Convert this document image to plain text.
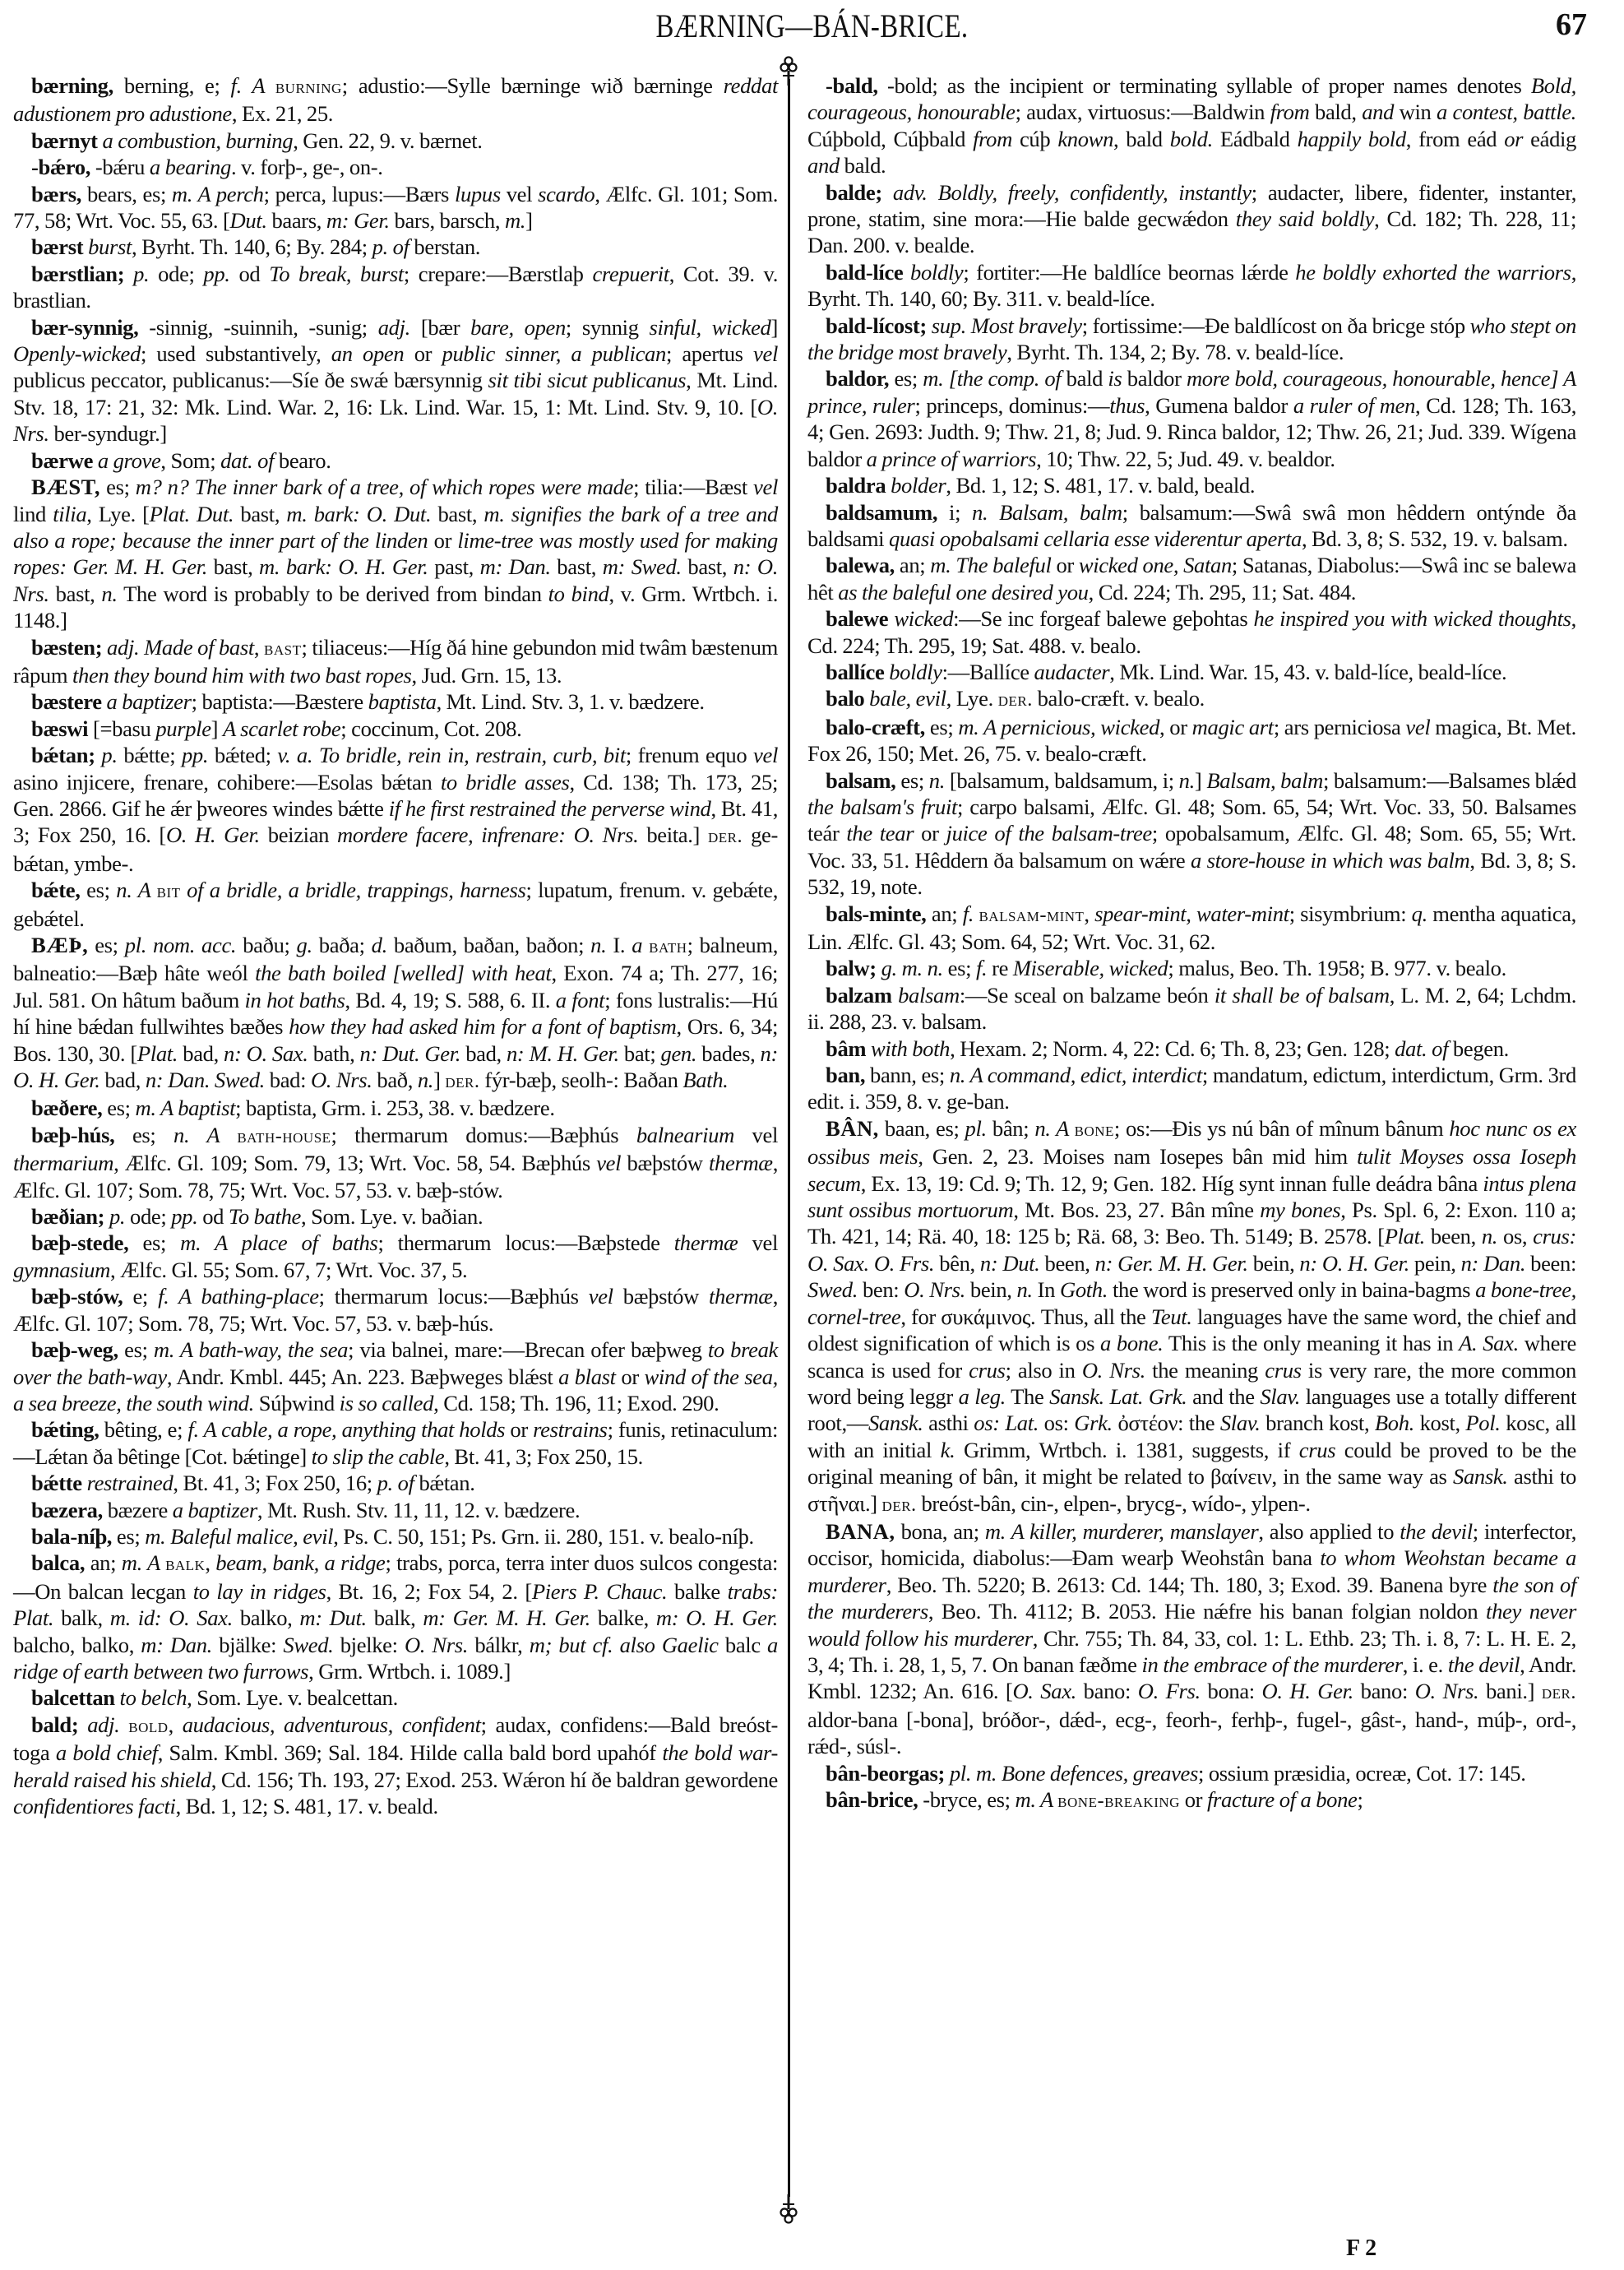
BÆRNING—BÁN-BRICE.	67

bærning, berning, e; f. A burning; adustio:—Sylle bærninge wið bærninge reddat adustionem pro adustione, Ex. 21, 25.

bærnyt a combustion, burning, Gen. 22, 9. v. bærnet.

-bǽro, -bǽru a bearing. v. forþ-, ge-, on-.

bærs, bears, es; m. A perch; perca, lupus:—Bærs lupus vel scardo, Ælfc. Gl. 101; Som. 77, 58; Wrt. Voc. 55, 63. [Dut. baars, m: Ger. bars, barsch, m.]

bærst burst, Byrht. Th. 140, 6; By. 284; p. of berstan.

bærstlian; p. ode; pp. od To break, burst; crepare:—Bærstlaþ crepuerit, Cot. 39. v. brastlian.

bær-synnig, -sinnig, -suinnih, -sunig; adj. [bær bare, open; synnig sinful, wicked] Openly-wicked; used substantively, an open or public sinner, a publican; apertus vel publicus peccator, publicanus:—Síe ðe swǽ bærsynnig sit tibi sicut publicanus, Mt. Lind. Stv. 18, 17: 21, 32: Mk. Lind. War. 2, 16: Lk. Lind. War. 15, 1: Mt. Lind. Stv. 9, 10. [O. Nrs. ber-syndugr.]

bærwe a grove, Som; dat. of bearo.

BÆST, es; m? n? The inner bark of a tree, of which ropes were made; tilia:—Bæst vel lind tilia, Lye. [Plat. Dut. bast, m. bark: O. Dut. bast, m. signifies the bark of a tree and also a rope; because the inner part of the linden or lime-tree was mostly used for making ropes: Ger. M. H. Ger. bast, m. bark: O. H. Ger. past, m: Dan. bast, m: Swed. bast, n: O. Nrs. bast, n. The word is probably to be derived from bindan to bind, v. Grm. Wrtbch. i. 1148.]

bæsten; adj. Made of bast, bast; tiliaceus:—Híg ðá hine gebundon mid twâm bæstenum râpum then they bound him with two bast ropes, Jud. Grn. 15, 13.

bæstere a baptizer; baptista:—Bæstere baptista, Mt. Lind. Stv. 3, 1. v. bædzere.

bæswi [=basu purple] A scarlet robe; coccinum, Cot. 208.

bǽtan; p. bǽtte; pp. bǽted; v. a. To bridle, rein in, restrain, curb, bit; frenum equo vel asino injicere, frenare, cohibere:—Esolas bǽtan to bridle asses, Cd. 138; Th. 173, 25; Gen. 2866. Gif he ǽr þweores windes bǽtte if he first restrained the perverse wind, Bt. 41, 3; Fox 250, 16. [O. H. Ger. beizian mordere facere, infrenare: O. Nrs. beita.] der. ge-bǽtan, ymbe-.

bǽte, es; n. A bit of a bridle, a bridle, trappings, harness; lupatum, frenum. v. gebǽte, gebǽtel.

BÆÞ, es; pl. nom. acc. baðu; g. baða; d. baðum, baðan, baðon; n. I. a bath; balneum, balneatio:—Bæþ hâte weól the bath boiled [welled] with heat, Exon. 74 a; Th. 277, 16; Jul. 581. On hâtum baðum in hot baths, Bd. 4, 19; S. 588, 6. II. a font; fons lustralis:—Hú hí hine bǽdan fullwihtes bæðes how they had asked him for a font of baptism, Ors. 6, 34; Bos. 130, 30. [Plat. bad, n: O. Sax. bath, n: Dut. Ger. bad, n: M. H. Ger. bat; gen. bades, n: O. H. Ger. bad, n: Dan. Swed. bad: O. Nrs. bað, n.] der. fýr-bæþ, seolh-: Baðan Bath.

bæðere, es; m. A baptist; baptista, Grm. i. 253, 38. v. bædzere.

bæþ-hús, es; n. A bath-house; thermarum domus:—Bæþhús balnearium vel thermarium, Ælfc. Gl. 109; Som. 79, 13; Wrt. Voc. 58, 54. Bæþhús vel bæþstów thermæ, Ælfc. Gl. 107; Som. 78, 75; Wrt. Voc. 57, 53. v. bæþ-stów.

bæðian; p. ode; pp. od To bathe, Som. Lye. v. baðian.

bæþ-stede, es; m. A place of baths; thermarum locus:—Bæþstede thermæ vel gymnasium, Ælfc. Gl. 55; Som. 67, 7; Wrt. Voc. 37, 5.

bæþ-stów, e; f. A bathing-place; thermarum locus:—Bæþhús vel bæþstów thermæ, Ælfc. Gl. 107; Som. 78, 75; Wrt. Voc. 57, 53. v. bæþ-hús.

bæþ-weg, es; m. A bath-way, the sea; via balnei, mare:—Brecan ofer bæþweg to break over the bath-way, Andr. Kmbl. 445; An. 223. Bæþweges blǽst a blast or wind of the sea, a sea breeze, the south wind. Súþwind is so called, Cd. 158; Th. 196, 11; Exod. 290.

bǽting, bêting, e; f. A cable, a rope, anything that holds or restrains; funis, retinaculum:—Lǽtan ða bêtinge [Cot. bǽtinge] to slip the cable, Bt. 41, 3; Fox 250, 15.

bǽtte restrained, Bt. 41, 3; Fox 250, 16; p. of bǽtan.

bæzera, bæzere a baptizer, Mt. Rush. Stv. 11, 11, 12. v. bædzere.

bala-níþ, es; m. Baleful malice, evil, Ps. C. 50, 151; Ps. Grn. ii. 280, 151. v. bealo-níþ.

balca, an; m. A balk, beam, bank, a ridge; trabs, porca, terra inter duos sulcos congesta:—On balcan lecgan to lay in ridges, Bt. 16, 2; Fox 54, 2. [Piers P. Chauc. balke trabs: Plat. balk, m. id: O. Sax. balko, m: Dut. balk, m: Ger. M. H. Ger. balke, m: O. H. Ger. balcho, balko, m: Dan. bjälke: Swed. bjelke: O. Nrs. bálkr, m; but cf. also Gaelic balc a ridge of earth between two furrows, Grm. Wrtbch. i. 1089.]

balcettan to belch, Som. Lye. v. bealcettan.

bald; adj. bold, audacious, adventurous, confident; audax, confidens:—Bald breóst-toga a bold chief, Salm. Kmbl. 369; Sal. 184. Hilde calla bald bord upahóf the bold war-herald raised his shield, Cd. 156; Th. 193, 27; Exod. 253. Wǽron hí ðe baldran gewordene confidentiores facti, Bd. 1, 12; S. 481, 17. v. beald.

-bald, -bold; as the incipient or terminating syllable of proper names denotes Bold, courageous, honourable; audax, virtuosus:—Baldwin from bald, and win a contest, battle. Cúþbold, Cúþbald from cúþ known, bald bold. Eádbald happily bold, from eád or eádig and bald.

balde; adv. Boldly, freely, confidently, instantly; audacter, libere, fidenter, instanter, prone, statim, sine mora:—Hie balde gecwǽdon they said boldly, Cd. 182; Th. 228, 11; Dan. 200. v. bealde.

bald-líce boldly; fortiter:—He baldlíce beornas lǽrde he boldly exhorted the warriors, Byrht. Th. 140, 60; By. 311. v. beald-líce.

bald-lícost; sup. Most bravely; fortissime:—Ðe baldlícost on ða bricge stóp who stept on the bridge most bravely, Byrht. Th. 134, 2; By. 78. v. beald-líce.

baldor, es; m. [the comp. of bald is baldor more bold, courageous, honourable, hence] A prince, ruler; princeps, dominus:—thus, Gumena baldor a ruler of men, Cd. 128; Th. 163, 4; Gen. 2693: Judth. 9; Thw. 21, 8; Jud. 9. Rinca baldor, 12; Thw. 26, 21; Jud. 339. Wígena baldor a prince of warriors, 10; Thw. 22, 5; Jud. 49. v. bealdor.

baldra bolder, Bd. 1, 12; S. 481, 17. v. bald, beald.

baldsamum, i; n. Balsam, balm; balsamum:—Swâ swâ mon hêddern ontýnde ða baldsami quasi opobalsami cellaria esse viderentur aperta, Bd. 3, 8; S. 532, 19. v. balsam.

balewa, an; m. The baleful or wicked one, Satan; Satanas, Diabolus:—Swâ inc se balewa hêt as the baleful one desired you, Cd. 224; Th. 295, 11; Sat. 484.

balewe wicked:—Se inc forgeaf balewe geþohtas he inspired you with wicked thoughts, Cd. 224; Th. 295, 19; Sat. 488. v. bealo.

ballíce boldly:—Ballíce audacter, Mk. Lind. War. 15, 43. v. bald-líce, beald-líce.

balo bale, evil, Lye. der. balo-cræft. v. bealo.

balo-cræft, es; m. A pernicious, wicked, or magic art; ars perniciosa vel magica, Bt. Met. Fox 26, 150; Met. 26, 75. v. bealo-cræft.

balsam, es; n. [balsamum, baldsamum, i; n.] Balsam, balm; balsamum:—Balsames blǽd the balsam's fruit; carpo balsami, Ælfc. Gl. 48; Som. 65, 54; Wrt. Voc. 33, 50. Balsames teár the tear or juice of the balsam-tree; opobalsamum, Ælfc. Gl. 48; Som. 65, 55; Wrt. Voc. 33, 51. Hêddern ða balsamum on wǽre a store-house in which was balm, Bd. 3, 8; S. 532, 19, note.

bals-minte, an; f. balsam-mint, spear-mint, water-mint; sisymbrium: q. mentha aquatica, Lin. Ælfc. Gl. 43; Som. 64, 52; Wrt. Voc. 31, 62.

balw; g. m. n. es; f. re Miserable, wicked; malus, Beo. Th. 1958; B. 977. v. bealo.

balzam balsam:—Se sceal on balzame beón it shall be of balsam, L. M. 2, 64; Lchdm. ii. 288, 23. v. balsam.

bâm with both, Hexam. 2; Norm. 4, 22: Cd. 6; Th. 8, 23; Gen. 128; dat. of begen.

ban, bann, es; n. A command, edict, interdict; mandatum, edictum, interdictum, Grm. 3rd edit. i. 359, 8. v. ge-ban.

BÂN, baan, es; pl. bân; n. A bone; os:—Ðis ys nú bân of mînum bânum hoc nunc os ex ossibus meis, Gen. 2, 23. Moises nam Iosepes bân mid him tulit Moyses ossa Ioseph secum, Ex. 13, 19: Cd. 9; Th. 12, 9; Gen. 182. Híg synt innan fulle deádra bâna intus plena sunt ossibus mortuorum, Mt. Bos. 23, 27. Bân mîne my bones, Ps. Spl. 6, 2: Exon. 110 a; Th. 421, 14; Rä. 40, 18: 125 b; Rä. 68, 3: Beo. Th. 5149; B. 2578. [Plat. been, n. os, crus: O. Sax. O. Frs. bên, n: Dut. been, n: Ger. M. H. Ger. bein, n: O. H. Ger. pein, n: Dan. been: Swed. ben: O. Nrs. bein, n. In Goth. the word is preserved only in baina-bagms a bone-tree, cornel-tree, for συκάμινος. Thus, all the Teut. languages have the same word, the chief and oldest signification of which is os a bone. This is the only meaning it has in A. Sax. where scanca is used for crus; also in O. Nrs. the meaning crus is very rare, the more common word being leggr a leg. The Sansk. Lat. Grk. and the Slav. languages use a totally different root,—Sansk. asthi os: Lat. os: Grk. ὀστέον: the Slav. branch kost, Boh. kost, Pol. kosc, all with an initial k. Grimm, Wrtbch. i. 1381, suggests, if crus could be proved to be the original meaning of bân, it might be related to βαίνειν, in the same way as Sansk. asthi to στῆναι.] der. breóst-bân, cin-, elpen-, brycg-, wído-, ylpen-.

BANA, bona, an; m. A killer, murderer, manslayer, also applied to the devil; interfector, occisor, homicida, diabolus:—Ðam wearþ Weohstân bana to whom Weohstan became a murderer, Beo. Th. 5220; B. 2613: Cd. 144; Th. 180, 3; Exod. 39. Banena byre the son of the murderers, Beo. Th. 4112; B. 2053. Hie nǽfre his banan folgian noldon they never would follow his murderer, Chr. 755; Th. 84, 33, col. 1: L. Ethb. 23; Th. i. 8, 7: L. H. E. 2, 3, 4; Th. i. 28, 1, 5, 7. On banan fæðme in the embrace of the murderer, i. e. the devil, Andr. Kmbl. 1232; An. 616. [O. Sax. bano: O. Frs. bona: O. H. Ger. bano: O. Nrs. bani.] der. aldor-bana [-bona], bróðor-, dǽd-, ecg-, feorh-, ferhþ-, fugel-, gâst-, hand-, múþ-, ord-, rǽd-, súsl-.

bân-beorgas; pl. m. Bone defences, greaves; ossium præsidia, ocreæ, Cot. 17: 145.

bân-brice, -bryce, es; m. A bone-breaking or fracture of a bone;

F 2
